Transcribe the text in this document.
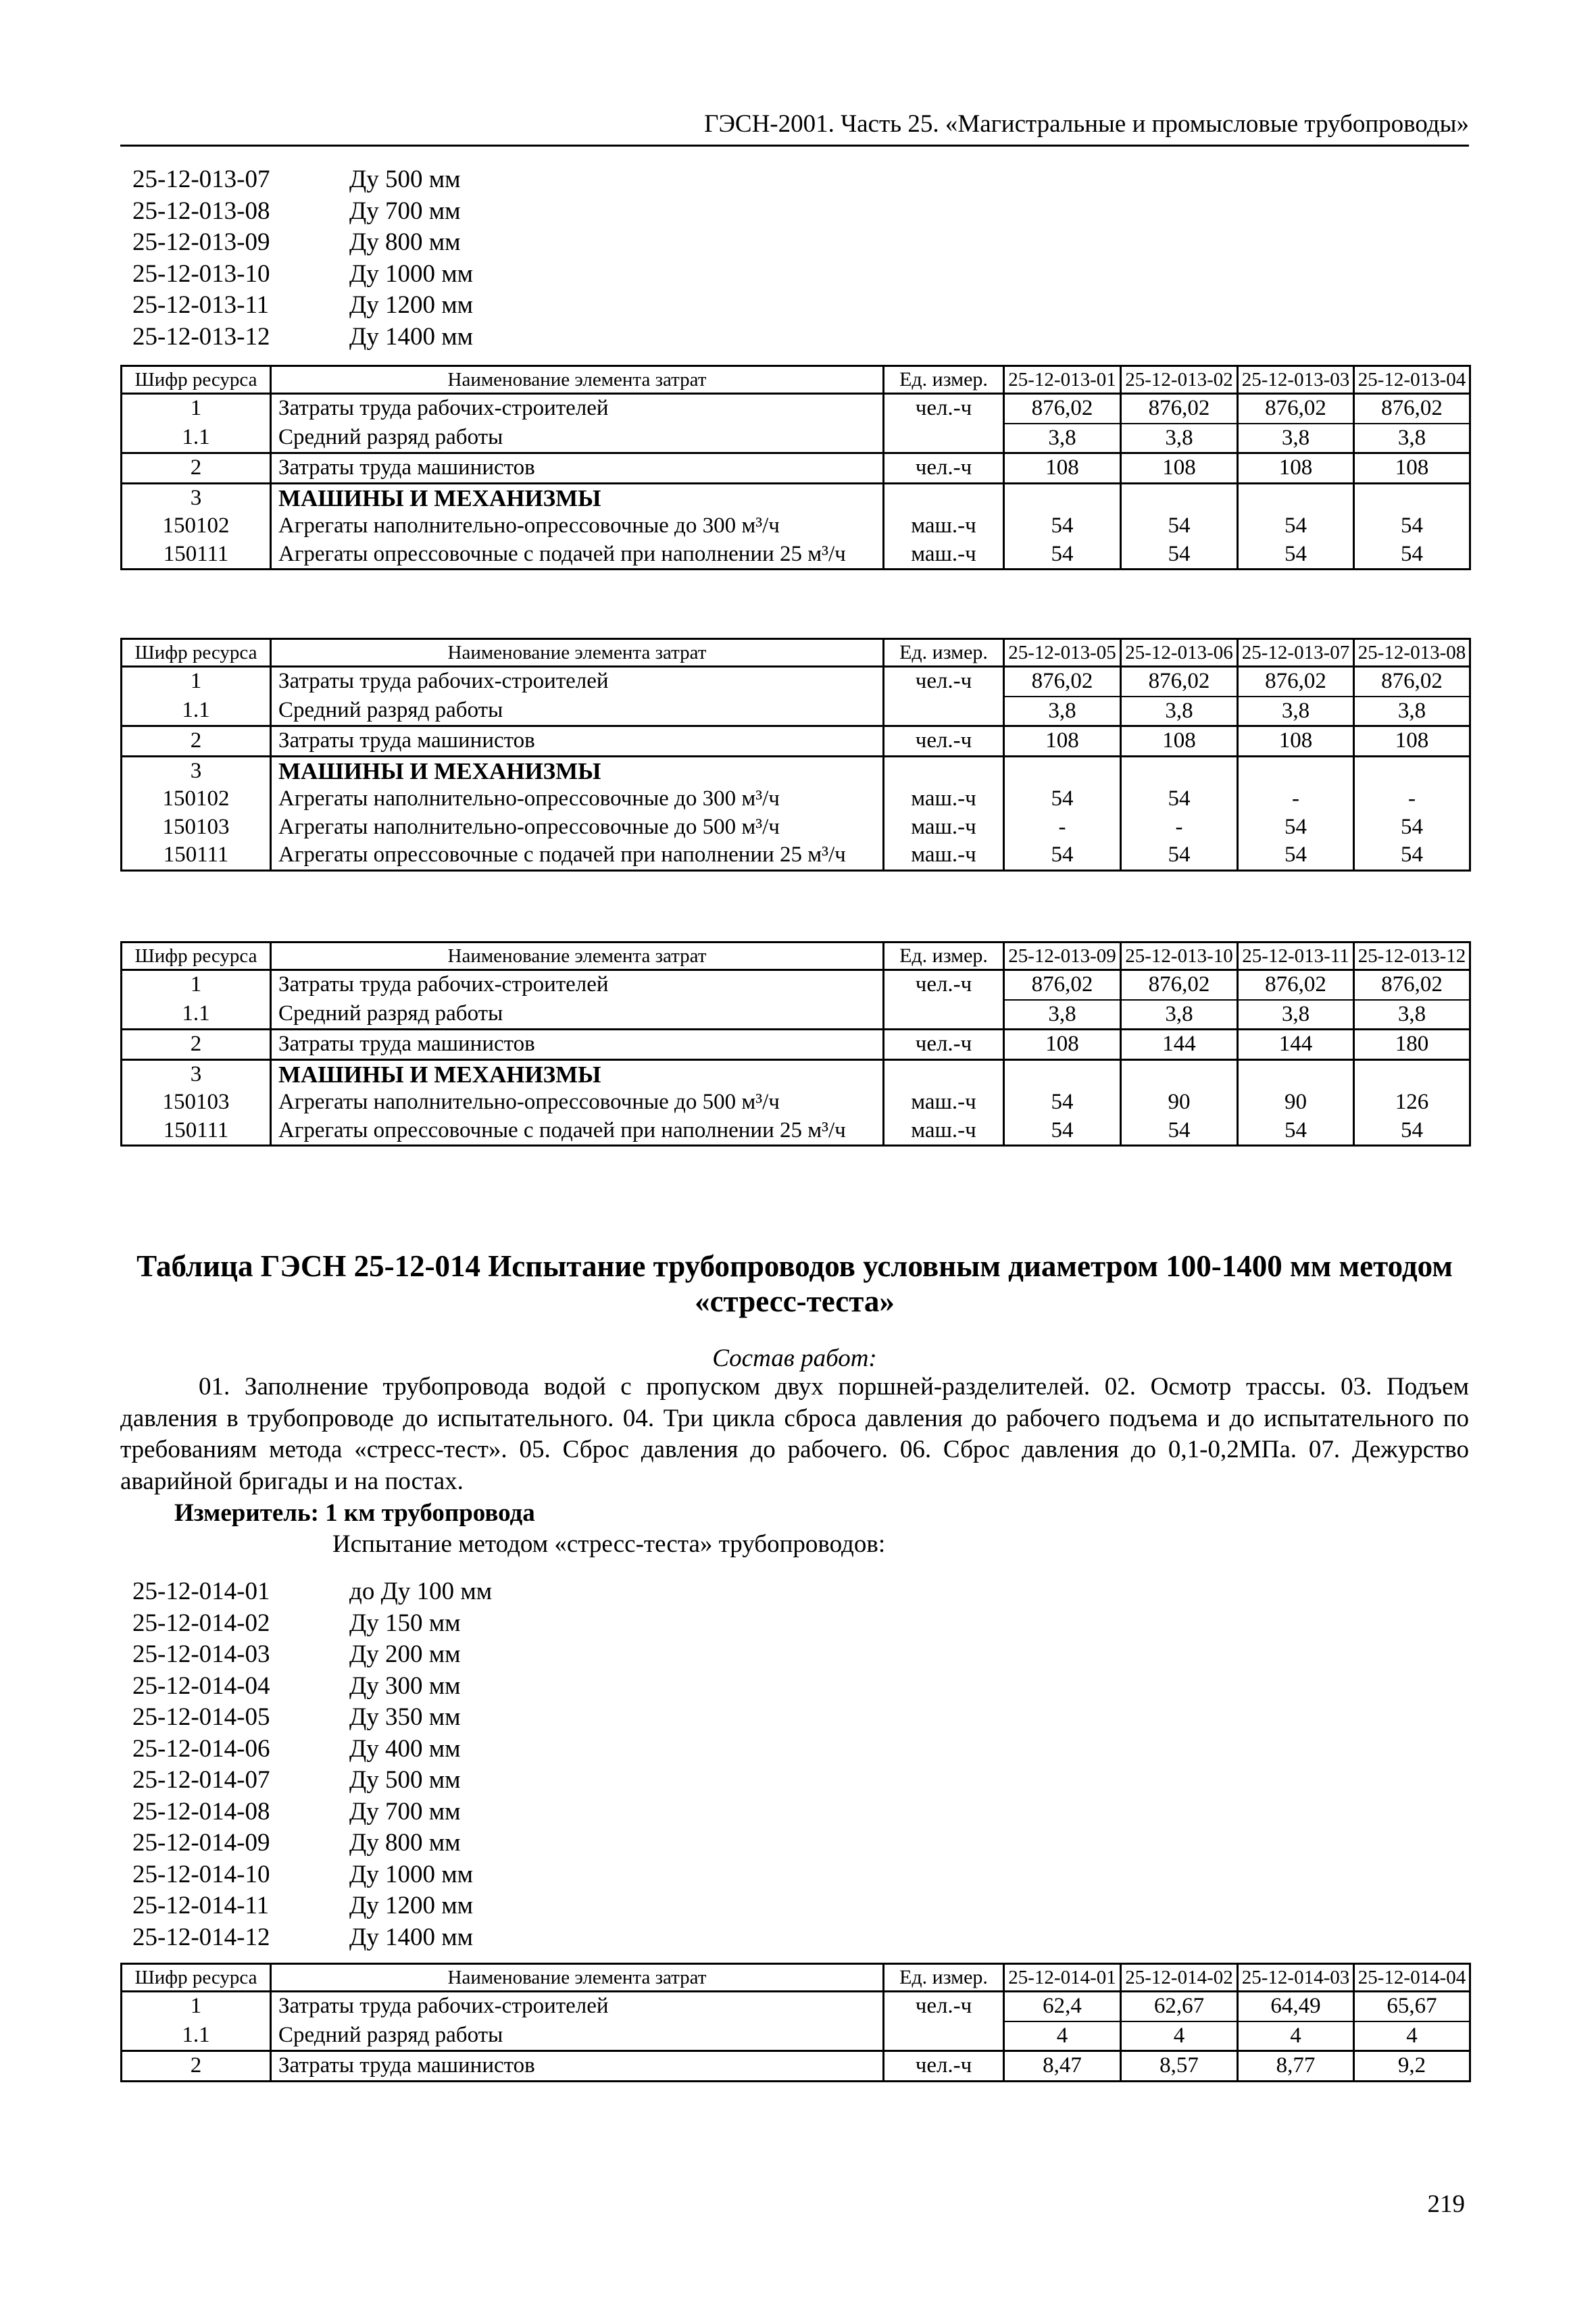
ГЭСН-2001. Часть 25. «Магистральные и промысловые трубопроводы»
25-12-013-07	Ду 500 мм
25-12-013-08	Ду 700 мм
25-12-013-09	Ду 800 мм
25-12-013-10	Ду 1000 мм
25-12-013-11	Ду 1200 мм
25-12-013-12	Ду 1400 мм
Шифр ресурса	Наименование элемента затрат	Ед. измер.	25-12-013-01	25-12-013-02	25-12-013-03	25-12-013-04
1	Затраты труда рабочих-строителей	чел.-ч	876,02	876,02	876,02	876,02
1.1	Средний разряд работы		3,8	3,8	3,8	3,8
2	Затраты труда машинистов	чел.-ч	108	108	108	108
3	МАШИНЫ И МЕХАНИЗМЫ					
150102	Агрегаты наполнительно-опрессовочные до 300 м³/ч	маш.-ч	54	54	54	54
150111	Агрегаты опрессовочные с подачей при наполнении 25 м³/ч	маш.-ч	54	54	54	54
Шифр ресурса	Наименование элемента затрат	Ед. измер.	25-12-013-05	25-12-013-06	25-12-013-07	25-12-013-08
1	Затраты труда рабочих-строителей	чел.-ч	876,02	876,02	876,02	876,02
1.1	Средний разряд работы		3,8	3,8	3,8	3,8
2	Затраты труда машинистов	чел.-ч	108	108	108	108
3	МАШИНЫ И МЕХАНИЗМЫ					
150102	Агрегаты наполнительно-опрессовочные до 300 м³/ч	маш.-ч	54	54	-	-
150103	Агрегаты наполнительно-опрессовочные до 500 м³/ч	маш.-ч	-	-	54	54
150111	Агрегаты опрессовочные с подачей при наполнении 25 м³/ч	маш.-ч	54	54	54	54
Шифр ресурса	Наименование элемента затрат	Ед. измер.	25-12-013-09	25-12-013-10	25-12-013-11	25-12-013-12
1	Затраты труда рабочих-строителей	чел.-ч	876,02	876,02	876,02	876,02
1.1	Средний разряд работы		3,8	3,8	3,8	3,8
2	Затраты труда машинистов	чел.-ч	108	144	144	180
3	МАШИНЫ И МЕХАНИЗМЫ					
150103	Агрегаты наполнительно-опрессовочные до 500 м³/ч	маш.-ч	54	90	90	126
150111	Агрегаты опрессовочные с подачей при наполнении 25 м³/ч	маш.-ч	54	54	54	54
Таблица ГЭСН 25-12-014 Испытание трубопроводов условным диаметром 100-1400 мм методом «стресс-теста»
Состав работ:
01. Заполнение трубопровода водой с пропуском двух поршней-разделителей. 02. Осмотр трассы. 03. Подъем давления в трубопроводе до испытательного. 04. Три цикла сброса давления до рабочего подъема и до испытательного по требованиям метода «стресс-тест». 05. Сброс давления до рабочего. 06. Сброс давления до 0,1-0,2МПа. 07. Дежурство аварийной бригады и на постах.
Измеритель: 1 км трубопровода
Испытание методом «стресс-теста» трубопроводов:
25-12-014-01	до Ду 100 мм
25-12-014-02	Ду 150 мм
25-12-014-03	Ду 200 мм
25-12-014-04	Ду 300 мм
25-12-014-05	Ду 350 мм
25-12-014-06	Ду 400 мм
25-12-014-07	Ду 500 мм
25-12-014-08	Ду 700 мм
25-12-014-09	Ду 800 мм
25-12-014-10	Ду 1000 мм
25-12-014-11	Ду 1200 мм
25-12-014-12	Ду 1400 мм
Шифр ресурса	Наименование элемента затрат	Ед. измер.	25-12-014-01	25-12-014-02	25-12-014-03	25-12-014-04
1	Затраты труда рабочих-строителей	чел.-ч	62,4	62,67	64,49	65,67
1.1	Средний разряд работы		4	4	4	4
2	Затраты труда машинистов	чел.-ч	8,47	8,57	8,77	9,2
219
